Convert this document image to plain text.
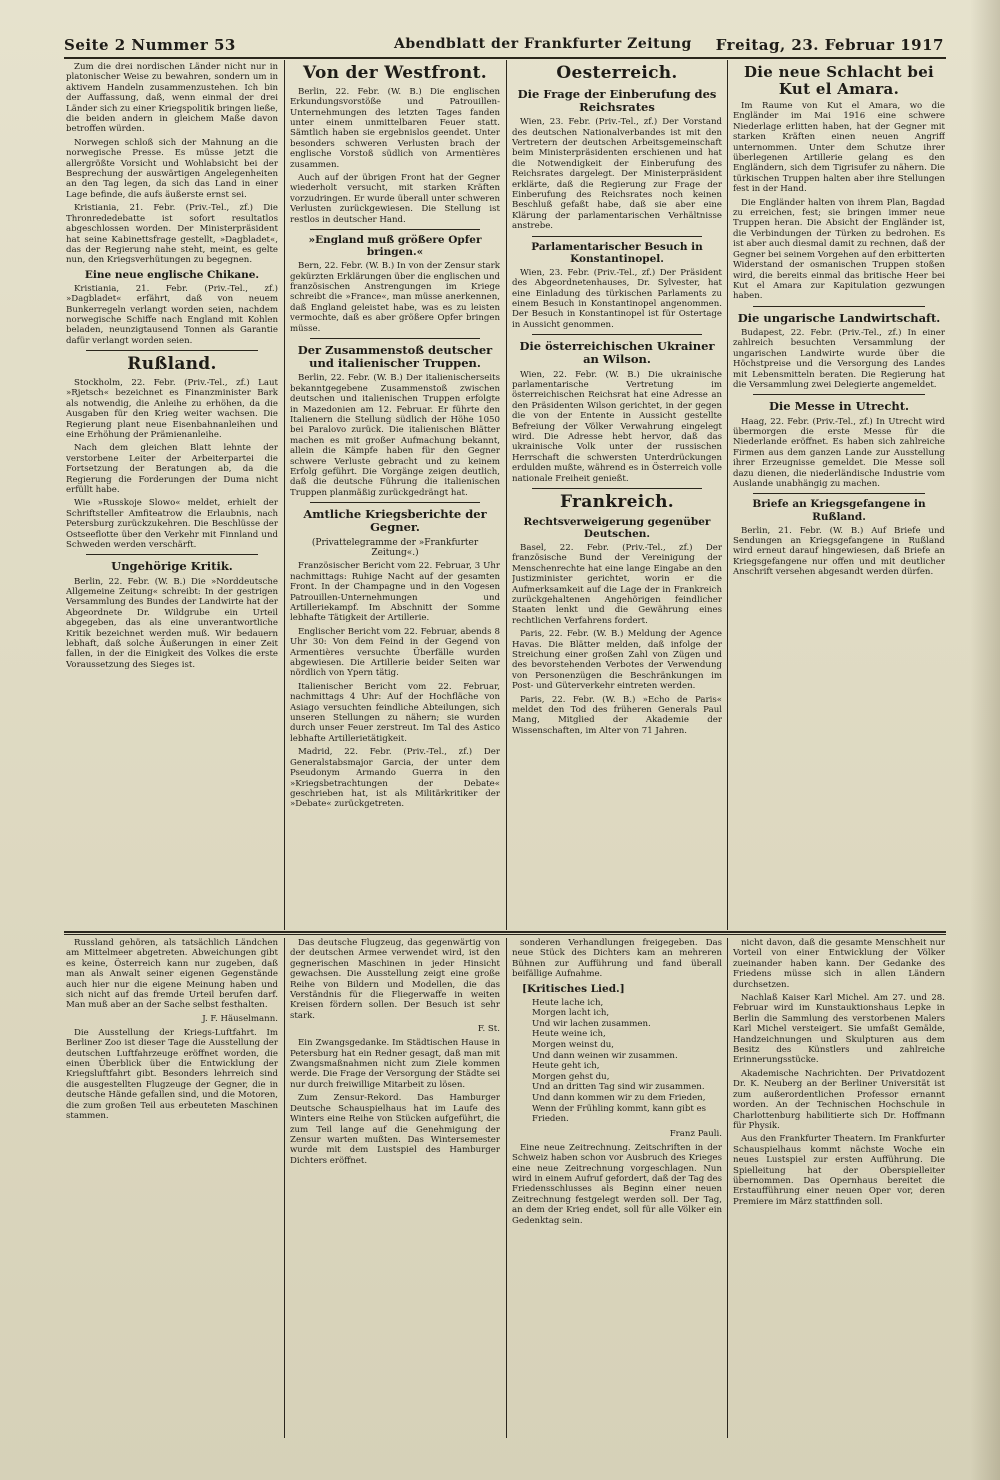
Seite 2 Nummer 53	Abendblatt der Frankfurter Zeitung Freitag, 23. Februar 1917

Zum die drei nordischen Länder nicht nur in platonischer Weise zu bewahren, sondern um in aktivem Handeln zusammenzustehen. Ich bin der Auffassung, daß, wenn einmal der drei Länder sich zu einer Kriegspolitik bringen ließe, die beiden andern in gleichem Maße davon betroffen würden.

Norwegen schloß sich der Mahnung an die norwegische Presse. Es müsse jetzt die allergrößte Vorsicht und Wohlabsicht bei der Besprechung der auswärtigen Angelegenheiten an den Tag legen, da sich das Land in einer Lage befinde, die aufs äußerste ernst sei.

Kristiania, 21. Febr. (Priv.-Tel., zf.) Die Thronrededebatte ist sofort resultatlos abgeschlossen worden. Der Ministerpräsident hat seine Kabinettsfrage gestellt, »Dagbladet«, das der Regierung nahe steht, meint, es gelte nun, den Kriegsverhütungen zu begegnen.

Eine neue englische Chikane.

Kristiania, 21. Febr. (Priv.-Tel., zf.) »Dagbladet« erfährt, daß von neuem Bunkerregeln verlangt worden seien, nachdem norwegische Schiffe nach England mit Kohlen beladen, neunzigtausend Tonnen als Garantie dafür verlangt worden seien.

Rußland.

Stockholm, 22. Febr. (Priv.-Tel., zf.) Laut »Rjetsch« bezeichnet es Finanzminister Bark als notwendig, die Anleihe zu erhöhen, da die Ausgaben für den Krieg weiter wachsen. Die Regierung plant neue Eisenbahnanleihen und eine Erhöhung der Prämienanleihe.

Nach dem gleichen Blatt lehnte der verstorbene Leiter der Arbeiterpartei die Fortsetzung der Beratungen ab, da die Regierung die Forderungen der Duma nicht erfüllt habe.

Wie »Russkoje Slowo« meldet, erhielt der Schriftsteller Amfiteatrow die Erlaubnis, nach Petersburg zurückzukehren. Die Beschlüsse der Ostseeflotte über den Verkehr mit Finnland und Schweden werden verschärft.

Ungehörige Kritik.

Berlin, 22. Febr. (W. B.) Die »Norddeutsche Allgemeine Zeitung« schreibt: In der gestrigen Versammlung des Bundes der Landwirte hat der Abgeordnete Dr. Wildgrube ein Urteil abgegeben, das als eine unverantwortliche Kritik bezeichnet werden muß. Wir bedauern lebhaft, daß solche Äußerungen in einer Zeit fallen, in der die Einigkeit des Volkes die erste Voraussetzung des Sieges ist.

Von der Westfront.

Berlin, 22. Febr. (W. B.) Die englischen Erkundungsvorstöße und Patrouillen-Unternehmungen des letzten Tages fanden unter einem unmittelbaren Feuer statt. Sämtlich haben sie ergebnislos geendet. Unter besonders schweren Verlusten brach der englische Vorstoß südlich von Armentières zusammen.

Auch auf der übrigen Front hat der Gegner wiederholt versucht, mit starken Kräften vorzudringen. Er wurde überall unter schweren Verlusten zurückgewiesen. Die Stellung ist restlos in deutscher Hand.

»England muß größere Opfer bringen.«

Bern, 22. Febr. (W. B.) In von der Zensur stark gekürzten Erklärungen über die englischen und französischen Anstrengungen im Kriege schreibt die »France«, man müsse anerkennen, daß England geleistet habe, was es zu leisten vermochte, daß es aber größere Opfer bringen müsse.

Der Zusammenstoß deutscher und italienischer Truppen.

Berlin, 22. Febr. (W. B.) Der italienischerseits bekanntgegebene Zusammenstoß zwischen deutschen und italienischen Truppen erfolgte in Mazedonien am 12. Februar. Er führte den Italienern die Stellung südlich der Höhe 1050 bei Paralovo zurück. Die italienischen Blätter machen es mit großer Aufmachung bekannt, allein die Kämpfe haben für den Gegner schwere Verluste gebracht und zu keinem Erfolg geführt. Die Vorgänge zeigen deutlich, daß die deutsche Führung die italienischen Truppen planmäßig zurückgedrängt hat.

Amtliche Kriegsberichte der Gegner.
(Privattelegramme der »Frankfurter Zeitung«.)

Französischer Bericht vom 22. Februar, 3 Uhr nachmittags: Ruhige Nacht auf der gesamten Front. In der Champagne und in den Vogesen Patrouillen-Unternehmungen und Artilleriekampf. Im Abschnitt der Somme lebhafte Tätigkeit der Artillerie.

Englischer Bericht vom 22. Februar, abends 8 Uhr 30: Von dem Feind in der Gegend von Armentières versuchte Überfälle wurden abgewiesen. Die Artillerie beider Seiten war nördlich von Ypern tätig.

Italienischer Bericht vom 22. Februar, nachmittags 4 Uhr: Auf der Hochfläche von Asiago versuchten feindliche Abteilungen, sich unseren Stellungen zu nähern; sie wurden durch unser Feuer zerstreut. Im Tal des Astico lebhafte Artillerietätigkeit.

Madrid, 22. Febr. (Priv.-Tel., zf.) Der Generalstabsmajor Garcia, der unter dem Pseudonym Armando Guerra in den »Kriegsbetrachtungen der Debate« geschrieben hat, ist als Militärkritiker der »Debate« zurückgetreten.

Oesterreich.
Die Frage der Einberufung des Reichsrates

Wien, 23. Febr. (Priv.-Tel., zf.) Der Vorstand des deutschen Nationalverbandes ist mit den Vertretern der deutschen Arbeitsgemeinschaft beim Ministerpräsidenten erschienen und hat die Notwendigkeit der Einberufung des Reichsrates dargelegt. Der Ministerpräsident erklärte, daß die Regierung zur Frage der Einberufung des Reichsrates noch keinen Beschluß gefaßt habe, daß sie aber eine Klärung der parlamentarischen Verhältnisse anstrebe.

Parlamentarischer Besuch in Konstantinopel.

Wien, 23. Febr. (Priv.-Tel., zf.) Der Präsident des Abgeordnetenhauses, Dr. Sylvester, hat eine Einladung des türkischen Parlaments zu einem Besuch in Konstantinopel angenommen. Der Besuch in Konstantinopel ist für Ostertage in Aussicht genommen.

Die österreichischen Ukrainer an Wilson.

Wien, 22. Febr. (W. B.) Die ukrainische parlamentarische Vertretung im österreichischen Reichsrat hat eine Adresse an den Präsidenten Wilson gerichtet, in der gegen die von der Entente in Aussicht gestellte Befreiung der Völker Verwahrung eingelegt wird. Die Adresse hebt hervor, daß das ukrainische Volk unter der russischen Herrschaft die schwersten Unterdrückungen erdulden mußte, während es in Österreich volle nationale Freiheit genießt.

Frankreich.
Rechtsverweigerung gegenüber Deutschen.

Basel, 22. Febr. (Priv.-Tel., zf.) Der französische Bund der Vereinigung der Menschenrechte hat eine lange Eingabe an den Justizminister gerichtet, worin er die Aufmerksamkeit auf die Lage der in Frankreich zurückgehaltenen Angehörigen feindlicher Staaten lenkt und die Gewährung eines rechtlichen Verfahrens fordert.

Paris, 22. Febr. (W. B.) Meldung der Agence Havas. Die Blätter melden, daß infolge der Streichung einer großen Zahl von Zügen und des bevorstehenden Verbotes der Verwendung von Personenzügen die Beschränkungen im Post- und Güterverkehr eintreten werden.

Paris, 22. Febr. (W. B.) »Echo de Paris« meldet den Tod des früheren Generals Paul Mang, Mitglied der Akademie der Wissenschaften, im Alter von 71 Jahren.

Die neue Schlacht bei Kut el Amara.

Im Raume von Kut el Amara, wo die Engländer im Mai 1916 eine schwere Niederlage erlitten haben, hat der Gegner mit starken Kräften einen neuen Angriff unternommen. Unter dem Schutze ihrer überlegenen Artillerie gelang es den Engländern, sich dem Tigrisufer zu nähern. Die türkischen Truppen halten aber ihre Stellungen fest in der Hand.

Die Engländer halten von ihrem Plan, Bagdad zu erreichen, fest; sie bringen immer neue Truppen heran. Die Absicht der Engländer ist, die Verbindungen der Türken zu bedrohen. Es ist aber auch diesmal damit zu rechnen, daß der Gegner bei seinem Vorgehen auf den erbitterten Widerstand der osmanischen Truppen stoßen wird, die bereits einmal das britische Heer bei Kut el Amara zur Kapitulation gezwungen haben.

Die ungarische Landwirtschaft.

Budapest, 22. Febr. (Priv.-Tel., zf.) In einer zahlreich besuchten Versammlung der ungarischen Landwirte wurde über die Höchstpreise und die Versorgung des Landes mit Lebensmitteln beraten. Die Regierung hat die Versammlung zwei Delegierte angemeldet.

Die Messe in Utrecht.

Haag, 22. Febr. (Priv.-Tel., zf.) In Utrecht wird übermorgen die erste Messe für die Niederlande eröffnet. Es haben sich zahlreiche Firmen aus dem ganzen Lande zur Ausstellung ihrer Erzeugnisse gemeldet. Die Messe soll dazu dienen, die niederländische Industrie vom Auslande unabhängig zu machen.

Briefe an Kriegsgefangene in Rußland.

Berlin, 21. Febr. (W. B.) Auf Briefe und Sendungen an Kriegsgefangene in Rußland wird erneut darauf hingewiesen, daß Briefe an Kriegsgefangene nur offen und mit deutlicher Anschrift versehen abgesandt werden dürfen.

Russland gehören, als tatsächlich Ländchen am Mittelmeer abgetreten. Abweichungen gibt es keine, Österreich kann nur zugeben, daß man als Anwalt seiner eigenen Gegenstände auch hier nur die eigene Meinung haben und sich nicht auf das fremde Urteil berufen darf. Man muß aber an der Sache selbst festhalten.

J. F. Häuselmann.

Die Ausstellung der Kriegs-Luftfahrt. Im Berliner Zoo ist dieser Tage die Ausstellung der deutschen Luftfahrzeuge eröffnet worden, die einen Überblick über die Entwicklung der Kriegsluftfahrt gibt. Besonders lehrreich sind die ausgestellten Flugzeuge der Gegner, die in deutsche Hände gefallen sind, und die Motoren, die zum großen Teil aus erbeuteten Maschinen stammen.

Das deutsche Flugzeug, das gegenwärtig von der deutschen Armee verwendet wird, ist den gegnerischen Maschinen in jeder Hinsicht gewachsen. Die Ausstellung zeigt eine große Reihe von Bildern und Modellen, die das Verständnis für die Fliegerwaffe in weiten Kreisen fördern sollen. Der Besuch ist sehr stark.

F. St.

Ein Zwangsgedanke. Im Städtischen Hause in Petersburg hat ein Redner gesagt, daß man mit Zwangsmaßnahmen nicht zum Ziele kommen werde. Die Frage der Versorgung der Städte sei nur durch freiwillige Mitarbeit zu lösen.

Zum Zensur-Rekord. Das Hamburger Deutsche Schauspielhaus hat im Laufe des Winters eine Reihe von Stücken aufgeführt, die zum Teil lange auf die Genehmigung der Zensur warten mußten. Das Wintersemester wurde mit dem Lustspiel des Hamburger Dichters eröffnet.

sonderen Verhandlungen freigegeben. Das neue Stück des Dichters kam an mehreren Bühnen zur Aufführung und fand überall beifällige Aufnahme.

[Kritisches Lied.]
Heute lache ich,
Morgen lacht ich,
Und wir lachen zusammen.
Heute weine ich,
Morgen weinst du,
Und dann weinen wir zusammen.
Heute geht ich,
Morgen gehst du,
Und an dritten Tag sind wir zusammen.
Und dann kommen wir zu dem Frieden,
Wenn der Frühling kommt, kann gibt es Frieden.
Franz Pauli.

Eine neue Zeitrechnung. Zeitschriften in der Schweiz haben schon vor Ausbruch des Krieges eine neue Zeitrechnung vorgeschlagen. Nun wird in einem Aufruf gefordert, daß der Tag des Friedensschlusses als Beginn einer neuen Zeitrechnung festgelegt werden soll. Der Tag, an dem der Krieg endet, soll für alle Völker ein Gedenktag sein.

nicht davon, daß die gesamte Menschheit nur Vorteil von einer Entwicklung der Völker zueinander haben kann. Der Gedanke des Friedens müsse sich in allen Ländern durchsetzen.

Nachlaß Kaiser Karl Michel. Am 27. und 28. Februar wird im Kunstauktionshaus Lepke in Berlin die Sammlung des verstorbenen Malers Karl Michel versteigert. Sie umfaßt Gemälde, Handzeichnungen und Skulpturen aus dem Besitz des Künstlers und zahlreiche Erinnerungsstücke.

Akademische Nachrichten. Der Privatdozent Dr. K. Neuberg an der Berliner Universität ist zum außerordentlichen Professor ernannt worden. An der Technischen Hochschule in Charlottenburg habilitierte sich Dr. Hoffmann für Physik.

Aus den Frankfurter Theatern. Im Frankfurter Schauspielhaus kommt nächste Woche ein neues Lustspiel zur ersten Aufführung. Die Spielleitung hat der Oberspielleiter übernommen. Das Opernhaus bereitet die Erstaufführung einer neuen Oper vor, deren Premiere im März stattfinden soll.
